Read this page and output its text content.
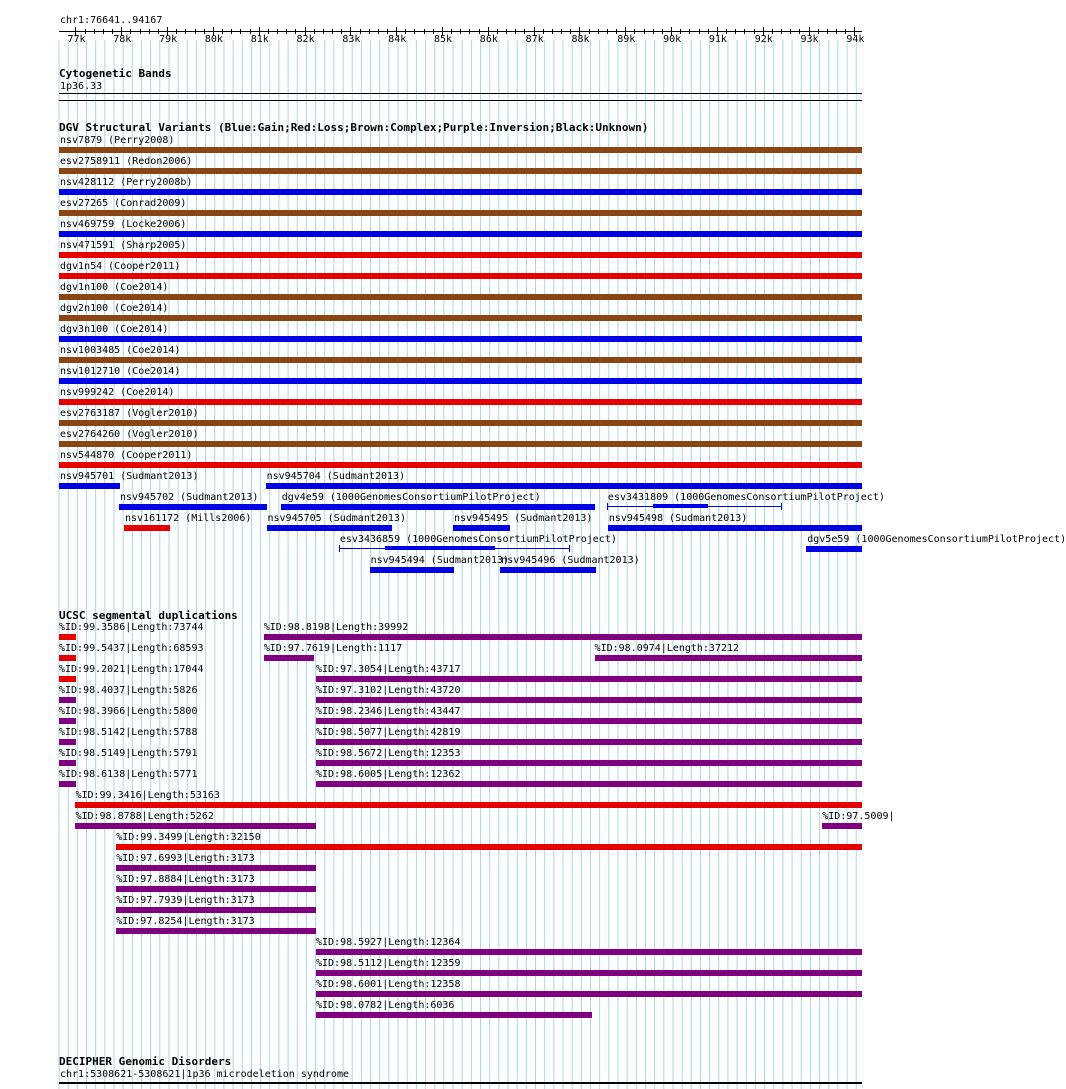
chr1:76641..94167
77k	78k	79k	80k	81k	82k	83k	84k	85k	86k	87k	88k	89k	90k	91k	92k	93k	94k
Cytogenetic Bands
1p36.33
DGV Structural Variants (Blue:Gain;Red:Loss;Brown:Complex;Purple:Inversion;Black:Unknown)
nsv7879 (Perry2008)
esv2758911 (Redon2006)
nsv428112 (Perry2008b)
esv27265 (Conrad2009)
nsv469759 (Locke2006)
nsv471591 (Sharp2005)
dgv1n54 (Cooper2011)
dgv1n100 (Coe2014)
dgv2n100 (Coe2014)
dgv3n100 (Coe2014)
nsv1003485 (Coe2014)
nsv1012710 (Coe2014)
nsv999242 (Coe2014)
esv2763187 (Vogler2010)
esv2764260 (Vogler2010)
nsv544870 (Cooper2011)
nsv945701 (Sudmant2013)	nsv945704 (Sudmant2013)
nsv945702 (Sudmant2013) dgv4e59 (1000GenomesConsortiumPilotProject)	esv3431809 (1000GenomesConsortiumPilotProject)
nsv161172 (Mills2006) nsv945705 (Sudmant2013)	nsv945495 (Sudmant2013) nsv945498 (Sudmant2013)
esv3436859 (1000GenomesConsortiumPilotProject)	dgv5e59 (1000GenomesConsortiumPilotProject)
nsv945494 (Sudmant2013)
nsv945496 (Sudmant2013)
UCSC segmental duplications
%ID:99.3586|Length:73744	%ID:98.8198|Length:39992
%ID:99.5437|Length:68593	%ID:97.7619|Length:1117	%ID:98.0974|Length:37212
%ID:99.2021|Length:17044	%ID:97.3054|Length:43717
%ID:98.4037|Length:5826	%ID:97.3102|Length:43720
%ID:98.3966|Length:5800	%ID:98.2346|Length:43447
%ID:98.5142|Length:5788	%ID:98.5077|Length:42819
%ID:98.5149|Length:5791	%ID:98.5672|Length:12353
%ID:98.6138|Length:5771	%ID:98.6005|Length:12362
%ID:99.3416|Length:53163
%ID:98.8788|Length:5262	%ID:97.5009|
%ID:99.3499|Length:32150
%ID:97.6993|Length:3173
%ID:97.8884|Length:3173
%ID:97.7939|Length:3173
%ID:97.8254|Length:3173
%ID:98.5927|Length:12364
%ID:98.5112|Length:12359
%ID:98.6001|Length:12358
%ID:98.0782|Length:6036
DECIPHER Genomic Disorders
chr1:5308621-5308621|1p36 microdeletion syndrome
